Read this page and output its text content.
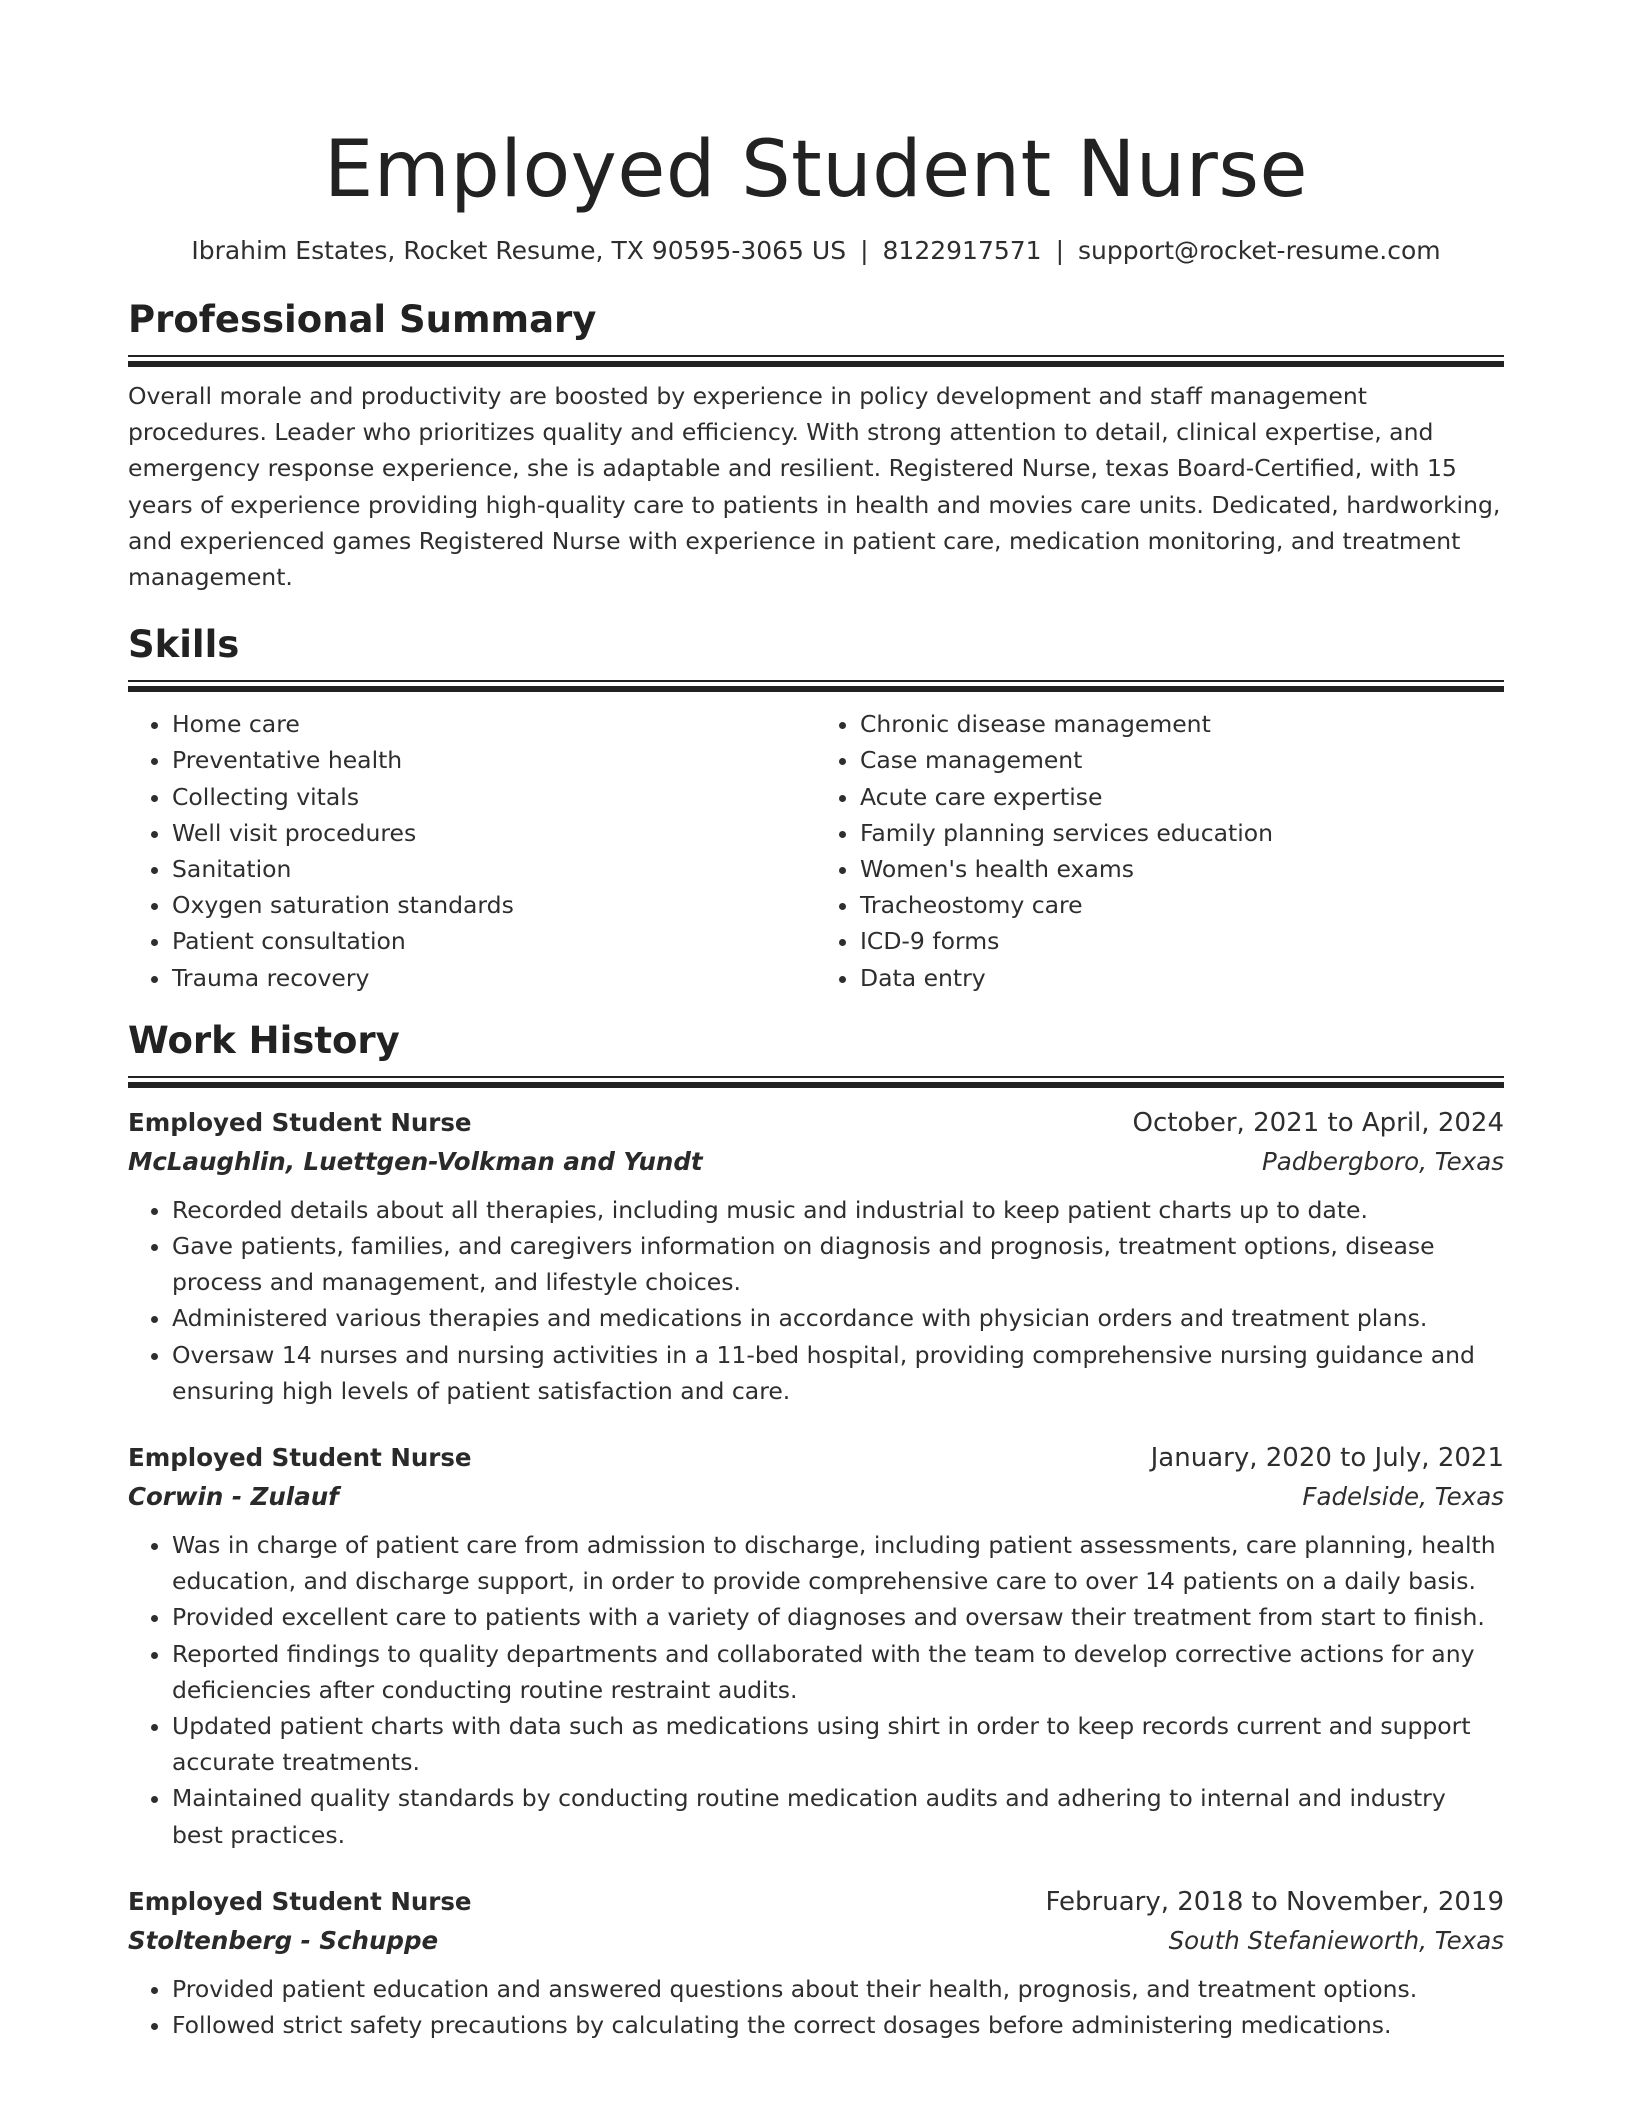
Employed Student Nurse
Ibrahim Estates, Rocket Resume, TX 90595-3065 US | 8122917571 | support@rocket-resume.com
Professional Summary

Overall morale and productivity are boosted by experience in policy development and staff management procedures. Leader who prioritizes quality and efficiency. With strong attention to detail, clinical expertise, and emergency response experience, she is adaptable and resilient. Registered Nurse, texas Board-Certified, with 15 years of experience providing high-quality care to patients in health and movies care units. Dedicated, hardworking, and experienced games Registered Nurse with experience in patient care, medication monitoring, and treatment management.

Skills
• Home care
• Preventative health
• Collecting vitals
• Well visit procedures
• Sanitation
• Oxygen saturation standards
• Patient consultation
• Trauma recovery
• Chronic disease management
• Case management
• Acute care expertise
• Family planning services education
• Women's health exams
• Tracheostomy care
• ICD-9 forms
• Data entry
Work History
Employed Student Nurse	October, 2021 to April, 2024
McLaughlin, Luettgen-Volkman and Yundt	Padbergboro, Texas
• Recorded details about all therapies, including music and industrial to keep patient charts up to date.
• Gave patients, families, and caregivers information on diagnosis and prognosis, treatment options, disease process and management, and lifestyle choices.
• Administered various therapies and medications in accordance with physician orders and treatment plans.
• Oversaw 14 nurses and nursing activities in a 11-bed hospital, providing comprehensive nursing guidance and ensuring high levels of patient satisfaction and care.
Employed Student Nurse	January, 2020 to July, 2021
Corwin - Zulauf	Fadelside, Texas
• Was in charge of patient care from admission to discharge, including patient assessments, care planning, health education, and discharge support, in order to provide comprehensive care to over 14 patients on a daily basis.
• Provided excellent care to patients with a variety of diagnoses and oversaw their treatment from start to finish.
• Reported findings to quality departments and collaborated with the team to develop corrective actions for any deficiencies after conducting routine restraint audits.
• Updated patient charts with data such as medications using shirt in order to keep records current and support accurate treatments.
• Maintained quality standards by conducting routine medication audits and adhering to internal and industry best practices.
Employed Student Nurse	February, 2018 to November, 2019
Stoltenberg - Schuppe	South Stefanieworth, Texas
• Provided patient education and answered questions about their health, prognosis, and treatment options.
• Followed strict safety precautions by calculating the correct dosages before administering medications.
